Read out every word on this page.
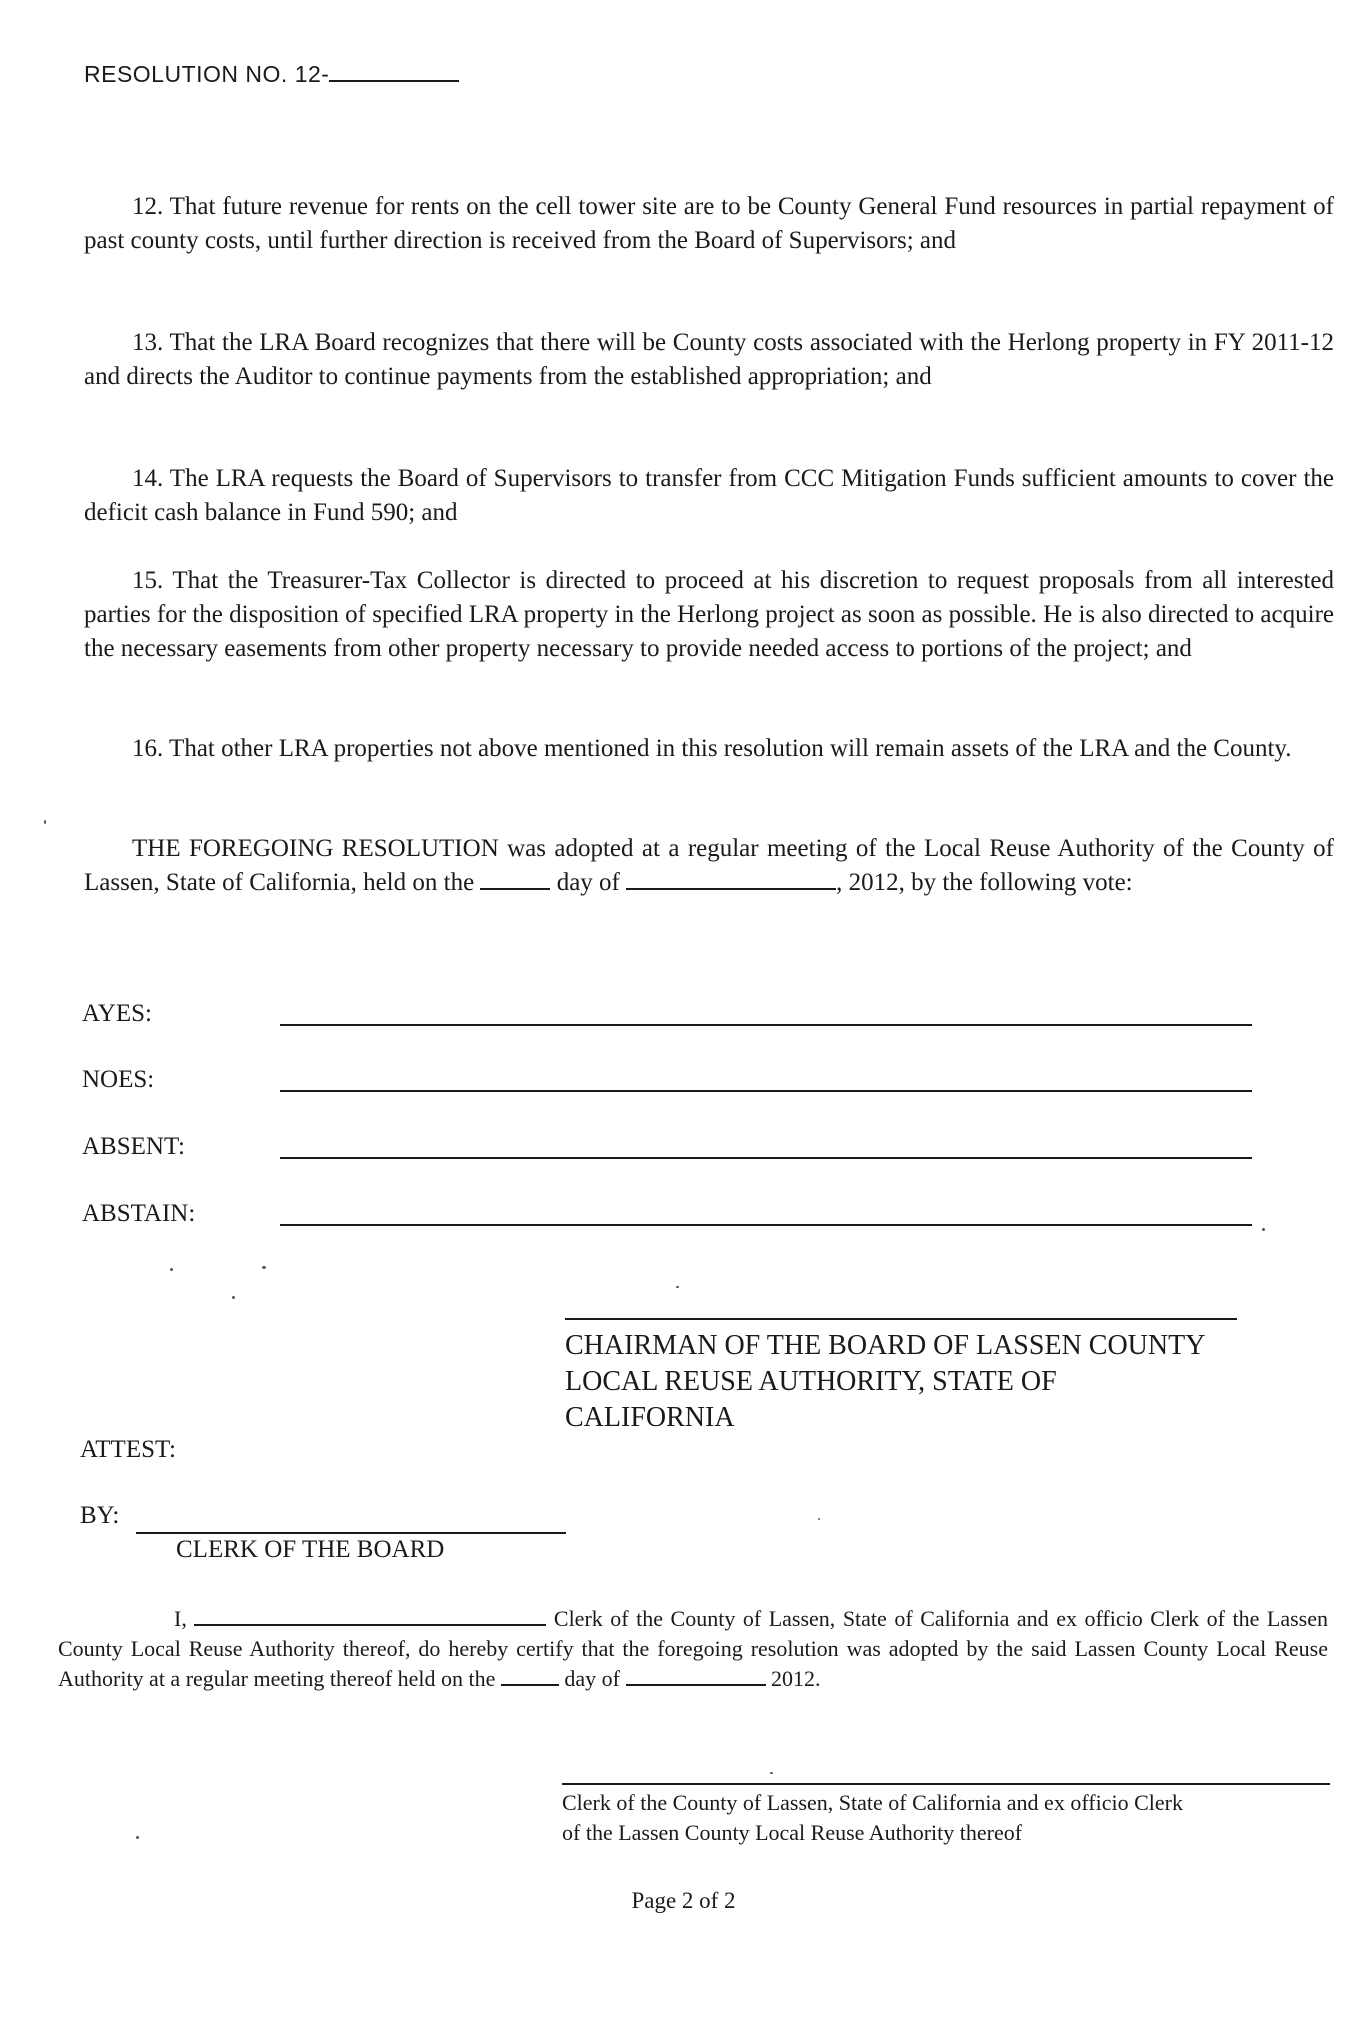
RESOLUTION NO. 12-
12. That future revenue for rents on the cell tower site are to be County General Fund resources in partial repayment of past county costs, until further direction is received from the Board of Supervisors; and
13. That the LRA Board recognizes that there will be County costs associated with the Herlong property in FY 2011-12 and directs the Auditor to continue payments from the established appropriation; and
14. The LRA requests the Board of Supervisors to transfer from CCC Mitigation Funds sufficient amounts to cover the deficit cash balance in Fund 590; and
15. That the Treasurer-Tax Collector is directed to proceed at his discretion to request proposals from all interested parties for the disposition of specified LRA property in the Herlong project as soon as possible. He is also directed to acquire the necessary easements from other property necessary to provide needed access to portions of the project; and
16. That other LRA properties not above mentioned in this resolution will remain assets of the LRA and the County.
THE FOREGOING RESOLUTION was adopted at a regular meeting of the Local Reuse Authority of the County of Lassen, State of California, held on the	day of	, 2012, by the following vote:
AYES:
NOES:
ABSENT:
ABSTAIN:
CHAIRMAN OF THE BOARD OF LASSEN COUNTY
LOCAL REUSE AUTHORITY, STATE OF
CALIFORNIA
ATTEST:
BY:
CLERK OF THE BOARD
I,	Clerk of the County of Lassen, State of California and ex officio Clerk of the Lassen County Local Reuse Authority thereof, do hereby certify that the foregoing resolution was adopted by the said Lassen County Local Reuse Authority at a regular meeting thereof held on the	day of	2012.
Clerk of the County of Lassen, State of California and ex officio Clerk
of the Lassen County Local Reuse Authority thereof
Page 2 of 2
